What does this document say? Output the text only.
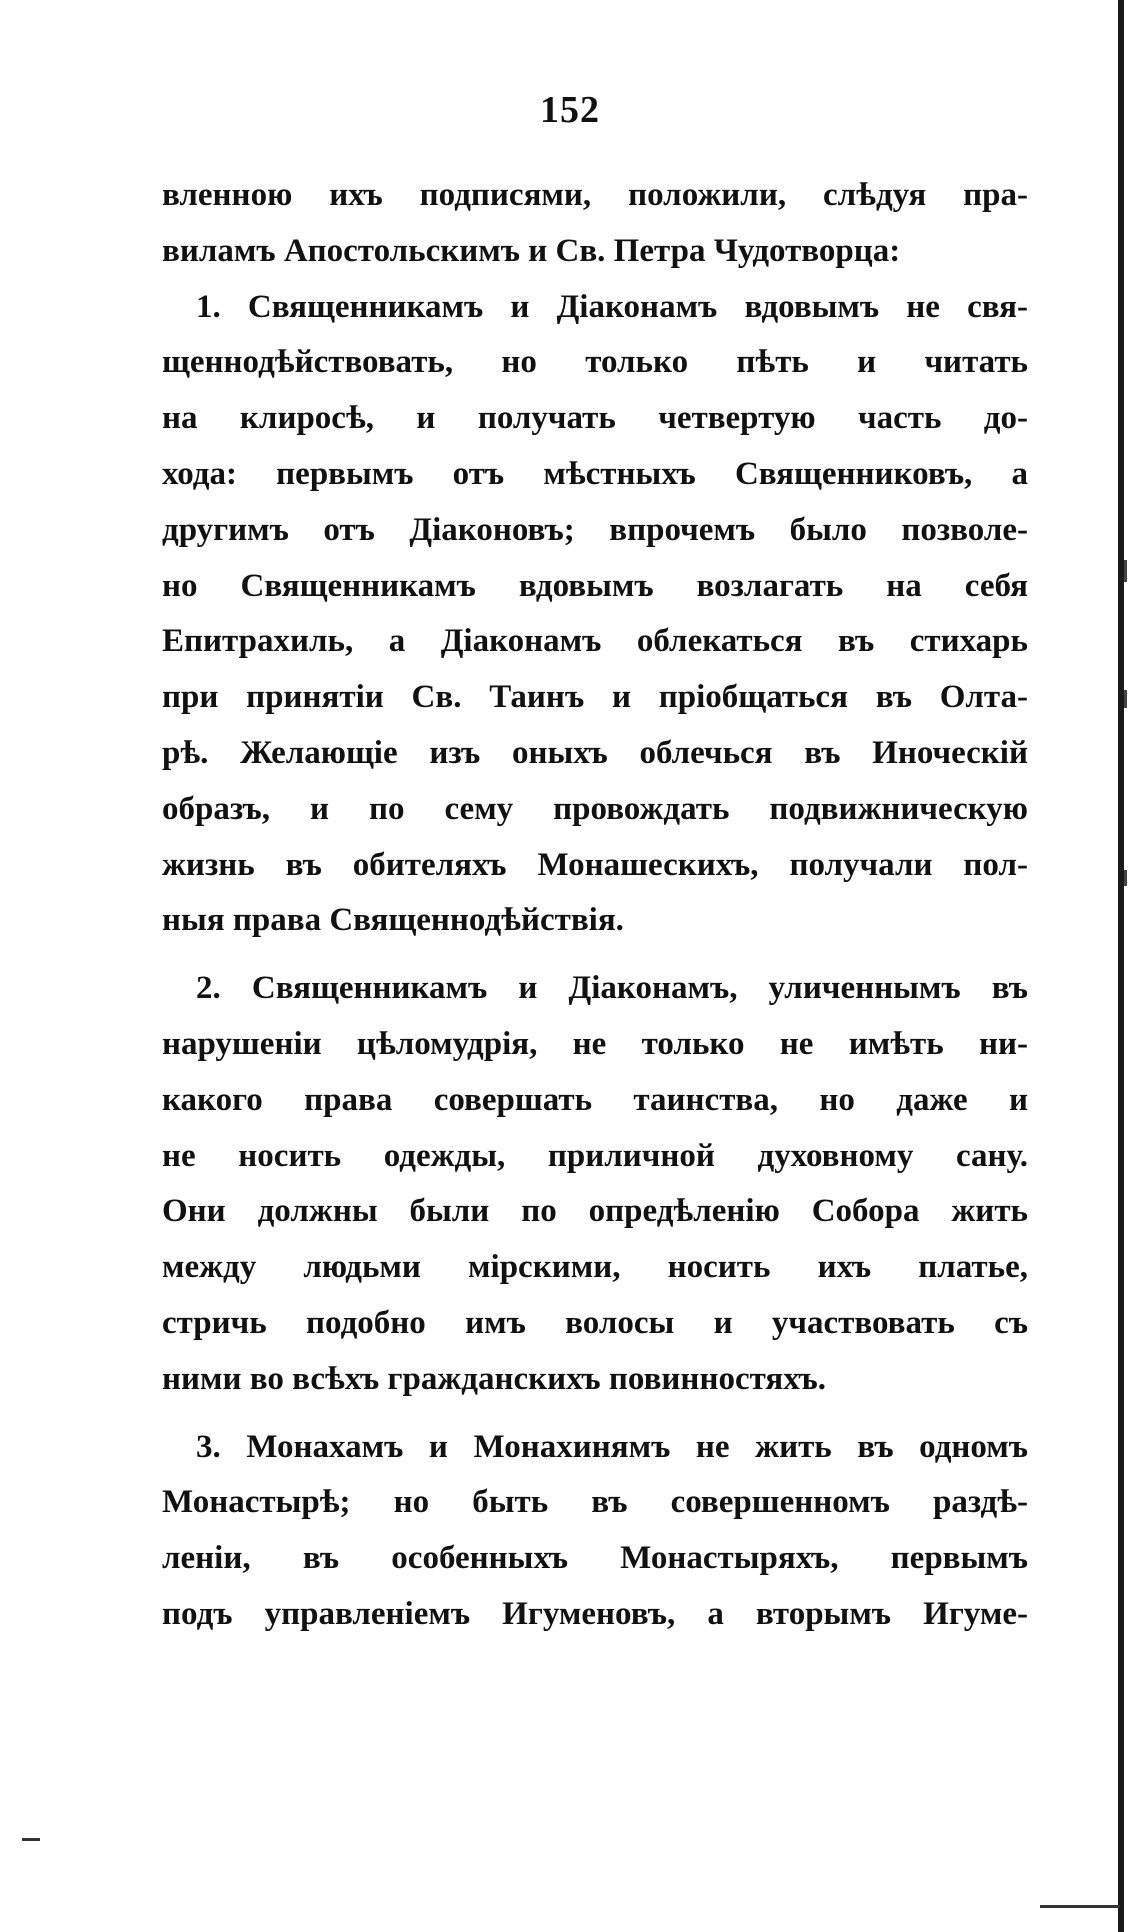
152
вленною ихъ подписями, положили, слѣдуя пра-
виламъ Апостольскимъ и Св. Петра Чудотворца:
1. Священникамъ и Діаконамъ вдовымъ не свя-
щеннодѣйствовать, но только пѣть и читать
на клиросѣ, и получать четвертую часть до-
хода: первымъ отъ мѣстныхъ Священниковъ, а
другимъ отъ Діаконовъ; впрочемъ было позволе-
но Священникамъ вдовымъ возлагать на себя
Епитрахиль, а Діаконамъ облекаться въ стихарь
при принятіи Св. Таинъ и пріобщаться въ Олта-
рѣ. Желающіе изъ оныхъ облечься въ Иноческій
образъ, и по сему провождать подвижническую
жизнь въ обителяхъ Монашескихъ, получали пол-
ныя права Священнодѣйствія.
2. Священникамъ и Діаконамъ, уличеннымъ въ
нарушеніи цѣломудрія, не только не имѣть ни-
какого права совершать таинства, но даже и
не носить одежды, приличной духовному сану.
Они должны были по опредѣленію Собора жить
между людьми мірскими, носить ихъ платье,
стричь подобно имъ волосы и участвовать съ
ними во всѣхъ гражданскихъ повинностяхъ.
3. Монахамъ и Монахинямъ не жить въ одномъ
Монастырѣ; но быть въ совершенномъ раздѣ-
леніи, въ особенныхъ Монастыряхъ, первымъ
подъ управленіемъ Игуменовъ, а вторымъ Игуме-
